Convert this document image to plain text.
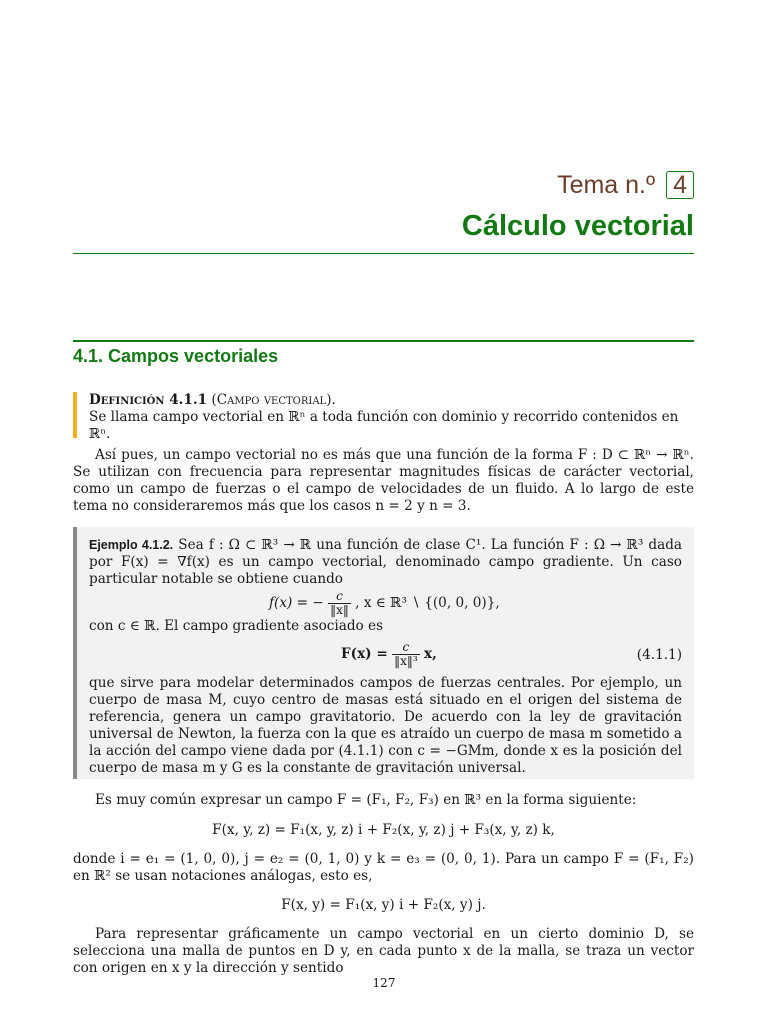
Tema n.º 4
Cálculo vectorial
4.1. Campos vectoriales
Definición 4.1.1 (Campo vectorial).
Se llama campo vectorial en ℝⁿ a toda función con dominio y recorrido contenidos en ℝⁿ.
Así pues, un campo vectorial no es más que una función de la forma F : D ⊂ ℝⁿ → ℝⁿ. Se utilizan con frecuencia para representar magnitudes físicas de carácter vectorial, como un campo de fuerzas o el campo de velocidades de un fluido. A lo largo de este tema no consideraremos más que los casos n = 2 y n = 3.

Ejemplo 4.1.2. Sea f : Ω ⊂ ℝ³ → ℝ una función de clase C¹. La función F : Ω → ℝ³ dada por F(x) = ∇f(x) es un campo vectorial, denominado campo gradiente. Un caso particular notable se obtiene cuando

f(x) = − $\frac{c}{‖x‖}$ , x ∈ ℝ³ ∖ {(0, 0, 0)},

con c ∈ ℝ. El campo gradiente asociado es

$F(x) = \frac{c}{\text{‖x‖³}} x$,	(4.1.1)

que sirve para modelar determinados campos de fuerzas centrales. Por ejemplo, un cuerpo de masa M, cuyo centro de masas está situado en el origen del sistema de referencia, genera un campo gravitatorio. De acuerdo con la ley de gravitación universal de Newton, la fuerza con la que es atraído un cuerpo de masa m sometido a la acción del campo viene dada por (4.1.1) con c = −GMm, donde x es la posición del cuerpo de masa m y G es la constante de gravitación universal.

Es muy común expresar un campo F = (F₁, F₂, F₃) en ℝ³ en la forma siguiente:
F(x, y, z) = F₁(x, y, z) i + F₂(x, y, z) j + F₃(x, y, z) k,
donde i = e₁ = (1, 0, 0), j = e₂ = (0, 1, 0) y k = e₃ = (0, 0, 1). Para un campo F = (F₁, F₂) en ℝ² se usan notaciones análogas, esto es,
F(x, y) = F₁(x, y) i + F₂(x, y) j.
Para representar gráficamente un campo vectorial en un cierto dominio D, se selecciona una malla de puntos en D y, en cada punto x de la malla, se traza un vector con origen en x y la dirección y sentido
127
